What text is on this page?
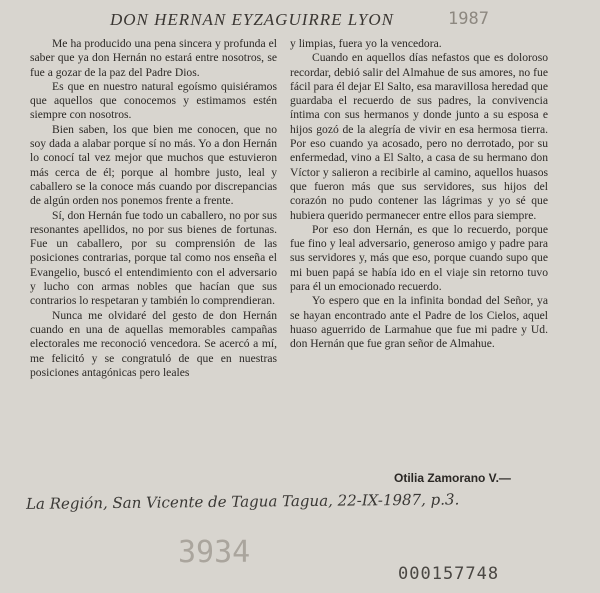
DON HERNAN EYZAGUIRRE LYON	1987

Me ha producido una pena sincera y profunda el saber que ya don Hernán no estará entre nosotros, se fue a gozar de la paz del Padre Dios.

Es que en nuestro natural egoísmo quisiéramos que aquellos que conocemos y estimamos estén siempre con nosotros.

Bien saben, los que bien me conocen, que no soy dada a alabar porque sí no más. Yo a don Hernán lo conocí tal vez mejor que muchos que estuvieron más cerca de él; porque al hombre justo, leal y caballero se la conoce más cuando por discrepancias de algún orden nos ponemos frente a frente.

Sí, don Hernán fue todo un caballero, no por sus resonantes apellidos, no por sus bienes de fortunas. Fue un caballero, por su comprensión de las posiciones contrarias, porque tal como nos enseña el Evangelio, buscó el entendimiento con el adversario y lucho con armas nobles que hacían que sus contrarios lo respetaran y también lo comprendieran.

Nunca me olvidaré del gesto de don Hernán cuando en una de aquellas memorables campañas electorales me reconoció vencedora. Se acercó a mí, me felicitó y se congratuló de que en nuestras posiciones antagónicas pero leales

y limpias, fuera yo la vencedora.

Cuando en aquellos días nefastos que es doloroso recordar, debió salir del Almahue de sus amores, no fue fácil para él dejar El Salto, esa maravillosa heredad que guardaba el recuerdo de sus padres, la convivencia íntima con sus hermanos y donde junto a su esposa e hijos gozó de la alegría de vivir en esa hermosa tierra. Por eso cuando ya acosado, pero no derrotado, por su enfermedad, vino a El Salto, a casa de su hermano don Víctor y salieron a recibirle al camino, aquellos huasos que fueron más que sus servidores, sus hijos del corazón no pudo contener las lágrimas y yo sé que hubiera querido permanecer entre ellos para siempre.

Por eso don Hernán, es que lo recuerdo, porque fue fino y leal adversario, generoso amigo y padre para sus servidores y, más que eso, porque cuando supo que mi buen papá se había ido en el viaje sin retorno tuvo para él un emocionado recuerdo.

Yo espero que en la infinita bondad del Señor, ya se hayan encontrado ante el Padre de los Cielos, aquel huaso aguerrido de Larmahue que fue mi padre y Ud. don Hernán que fue gran señor de Almahue.

Otilia Zamorano V.—
La Región, San Vicente de Tagua Tagua, 22-IX-1987, p.3.
3934
000157748
